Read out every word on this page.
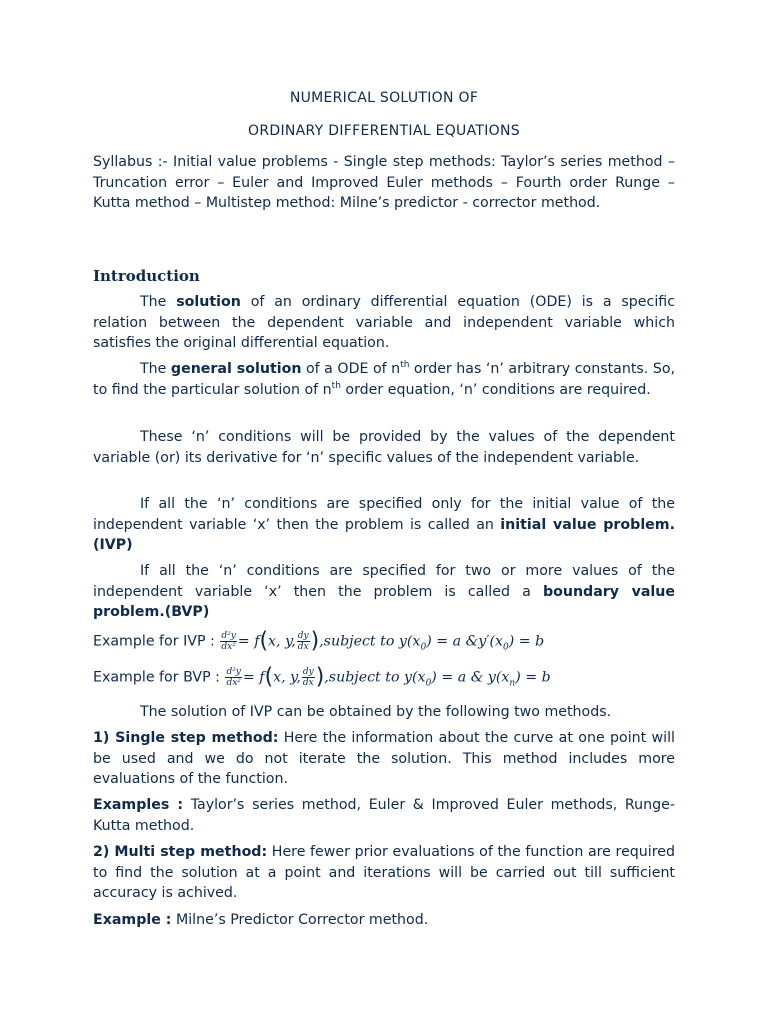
NUMERICAL SOLUTION OF
ORDINARY DIFFERENTIAL EQUATIONS
Syllabus :- Initial value problems - Single step methods: Taylor’s series method – Truncation error – Euler and Improved Euler methods – Fourth order Runge – Kutta method – Multistep method: Milne’s predictor - corrector method.
Introduction
The solution of an ordinary differential equation (ODE) is a specific relation between the dependent variable and independent variable which satisfies the original differential equation.
The general solution of a ODE of $n^{th}$ order has ‘n’ arbitrary constants. So, to find the particular solution of $n^{th}$ order equation, ‘n’ conditions are required.
These ‘n’ conditions will be provided by the values of the dependent variable (or) its derivative for ‘n’ specific values of the independent variable.
If all the ‘n’ conditions are specified only for the initial value of the independent variable ‘x’ then the problem is called an initial value problem.(IVP)
If all the ‘n’ conditions are specified for two or more values of the independent variable ‘x’ then the problem is called a boundary value problem.(BVP)
Example for IVP : $\frac{\text{d²y}}{\text{dx²}} = f(x$, y, $\frac{dy}{dx}$ ),subject to $y(x_0) = a$ $\&y'(x_0) = b$
Example for BVP : $\frac{\text{d²y}}{\text{dx²}} = f(x$, y, $\frac{dy}{dx}$ ),subject to $y(x_0) = a$ & $y(x_n) = b$
The solution of IVP can be obtained by the following two methods.
1) Single step method: Here the information about the curve at one point will be used and we do not iterate the solution. This method includes more evaluations of the function.
Examples : Taylor’s series method, Euler & Improved Euler methods, Runge-Kutta method.
2) Multi step method: Here fewer prior evaluations of the function are required to find the solution at a point and iterations will be carried out till sufficient accuracy is achived.
Example : Milne’s Predictor Corrector method.
